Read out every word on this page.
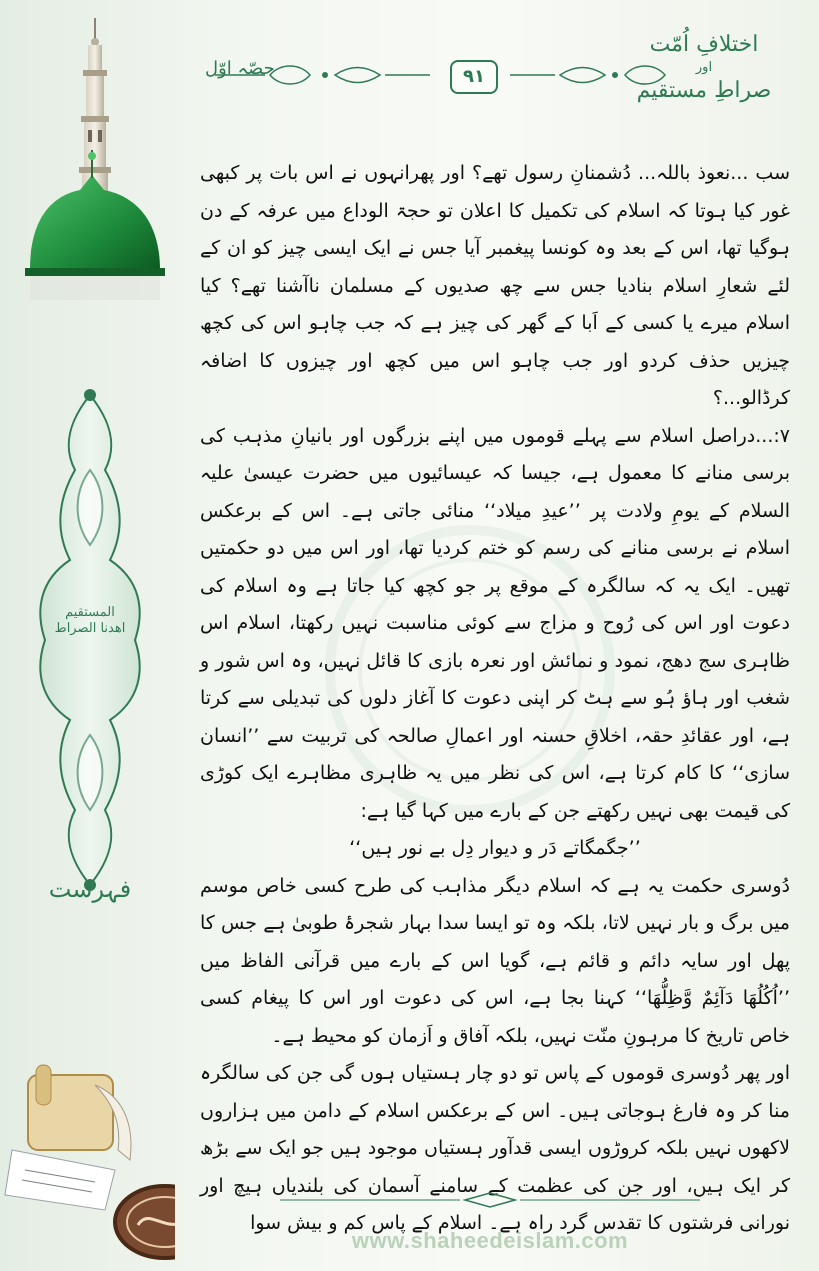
المستقیم
اھدنا الصراط
فہرست
حصّہ اوّل	۹۱
اختلافِ اُمّت
اور
صراطِ مستقیم

سب ...نعوذ باللہ... دُشمنانِ رسول تھے؟ اور پھرانہوں نے اس بات پر کبھی غور کیا ہوتا کہ اسلام کی تکمیل کا اعلان تو حجۃ الوداع میں عرفہ کے دن ہوگیا تھا، اس کے بعد وہ کونسا پیغمبر آیا جس نے ایک ایسی چیز کو ان کے لئے شعارِ اسلام بنادیا جس سے چھ صدیوں کے مسلمان ناآشنا تھے؟ کیا اسلام میرے یا کسی کے اَبا کے گھر کی چیز ہے کہ جب چاہو اس کی کچھ چیزیں حذف کردو اور جب چاہو اس میں کچھ اور چیزوں کا اضافہ کرڈالو...؟

۷:...دراصل اسلام سے پہلے قوموں میں اپنے بزرگوں اور بانیانِ مذہب کی برسی منانے کا معمول ہے، جیسا کہ عیسائیوں میں حضرت عیسیٰ علیہ السلام کے یومِ ولادت پر ’’عیدِ میلاد‘‘ منائی جاتی ہے۔ اس کے برعکس اسلام نے برسی منانے کی رسم کو ختم کردیا تھا، اور اس میں دو حکمتیں تھیں۔ ایک یہ کہ سالگرہ کے موقع پر جو کچھ کیا جاتا ہے وہ اسلام کی دعوت اور اس کی رُوح و مزاج سے کوئی مناسبت نہیں رکھتا، اسلام اس ظاہری سج دھج، نمود و نمائش اور نعرہ بازی کا قائل نہیں، وہ اس شور و شغب اور ہاؤ ہُو سے ہٹ کر اپنی دعوت کا آغاز دلوں کی تبدیلی سے کرتا ہے، اور عقائدِ حقہ، اخلاقِ حسنہ اور اعمالِ صالحہ کی تربیت سے ’’انسان سازی‘‘ کا کام کرتا ہے، اس کی نظر میں یہ ظاہری مظاہرے ایک کوڑی کی قیمت بھی نہیں رکھتے جن کے بارے میں کہا گیا ہے:

’’جگمگاتے دَر و دیوار دِل بے نور ہیں‘‘

دُوسری حکمت یہ ہے کہ اسلام دیگر مذاہب کی طرح کسی خاص موسم میں برگ و بار نہیں لاتا، بلکہ وہ تو ایسا سدا بہار شجرۂ طوبیٰ ہے جس کا پھل اور سایہ دائم و قائم ہے، گویا اس کے بارے میں قرآنی الفاظ میں ’’اُکُلُھَا دَآئِمٌ وَّظِلُّھَا‘‘ کہنا بجا ہے، اس کی دعوت اور اس کا پیغام کسی خاص تاریخ کا مرہونِ منّت نہیں، بلکہ آفاق و اَزمان کو محیط ہے۔

اور پھر دُوسری قوموں کے پاس تو دو چار ہستیاں ہوں گی جن کی سالگرہ منا کر وہ فارغ ہوجاتی ہیں۔ اس کے برعکس اسلام کے دامن میں ہزاروں لاکھوں نہیں بلکہ کروڑوں ایسی قدآور ہستیاں موجود ہیں جو ایک سے بڑھ کر ایک ہیں، اور جن کی عظمت کے سامنے آسمان کی بلندیاں ہیچ اور نورانی فرشتوں کا تقدس گرد راہ ہے۔ اسلام کے پاس کم و بیش سوا

www.shaheedeislam.com
